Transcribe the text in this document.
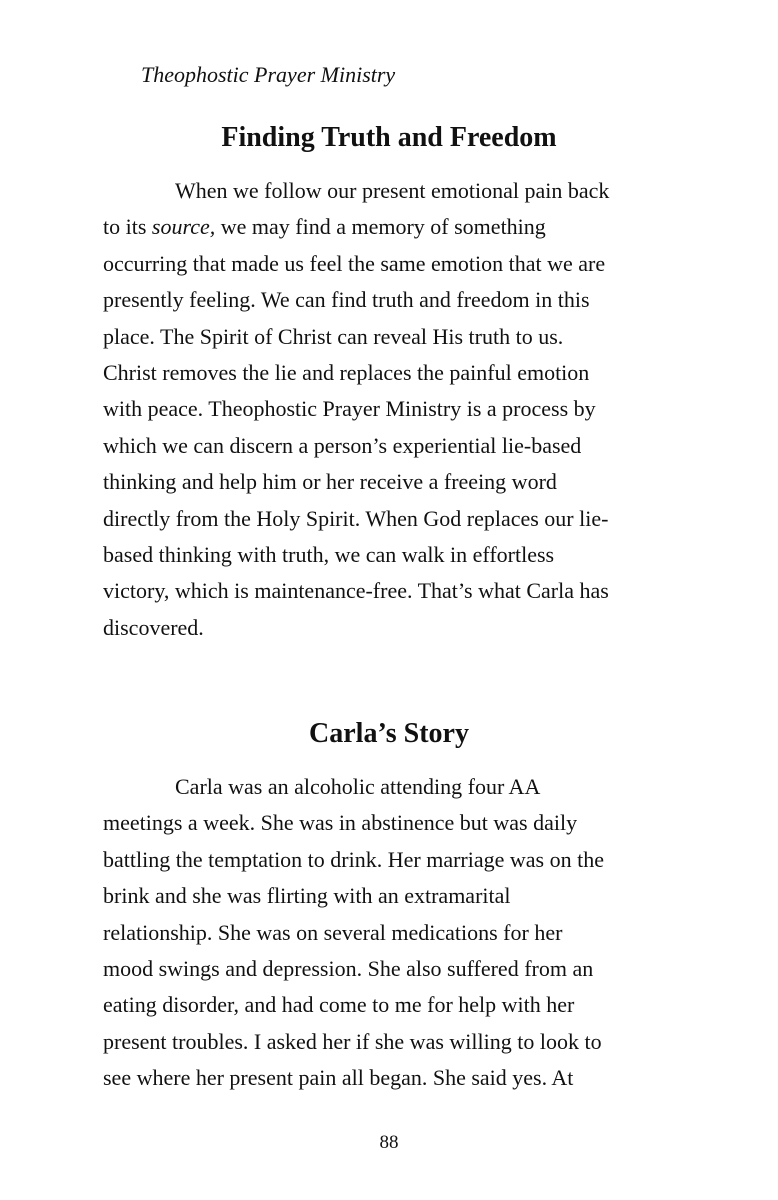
Theophostic Prayer Ministry
Finding Truth and Freedom
When we follow our present emotional pain back
to its source, we may find a memory of something
occurring that made us feel the same emotion that we are
presently feeling. We can find truth and freedom in this
place. The Spirit of Christ can reveal His truth to us.
Christ removes the lie and replaces the painful emotion
with peace. Theophostic Prayer Ministry is a process by
which we can discern a person’s experiential lie-based
thinking and help him or her receive a freeing word
directly from the Holy Spirit. When God replaces our lie-
based thinking with truth, we can walk in effortless
victory, which is maintenance-free. That’s what Carla has
discovered.
Carla’s Story
Carla was an alcoholic attending four AA
meetings a week. She was in abstinence but was daily
battling the temptation to drink. Her marriage was on the
brink and she was flirting with an extramarital
relationship. She was on several medications for her
mood swings and depression. She also suffered from an
eating disorder, and had come to me for help with her
present troubles. I asked her if she was willing to look to
see where her present pain all began. She said yes. At
88
